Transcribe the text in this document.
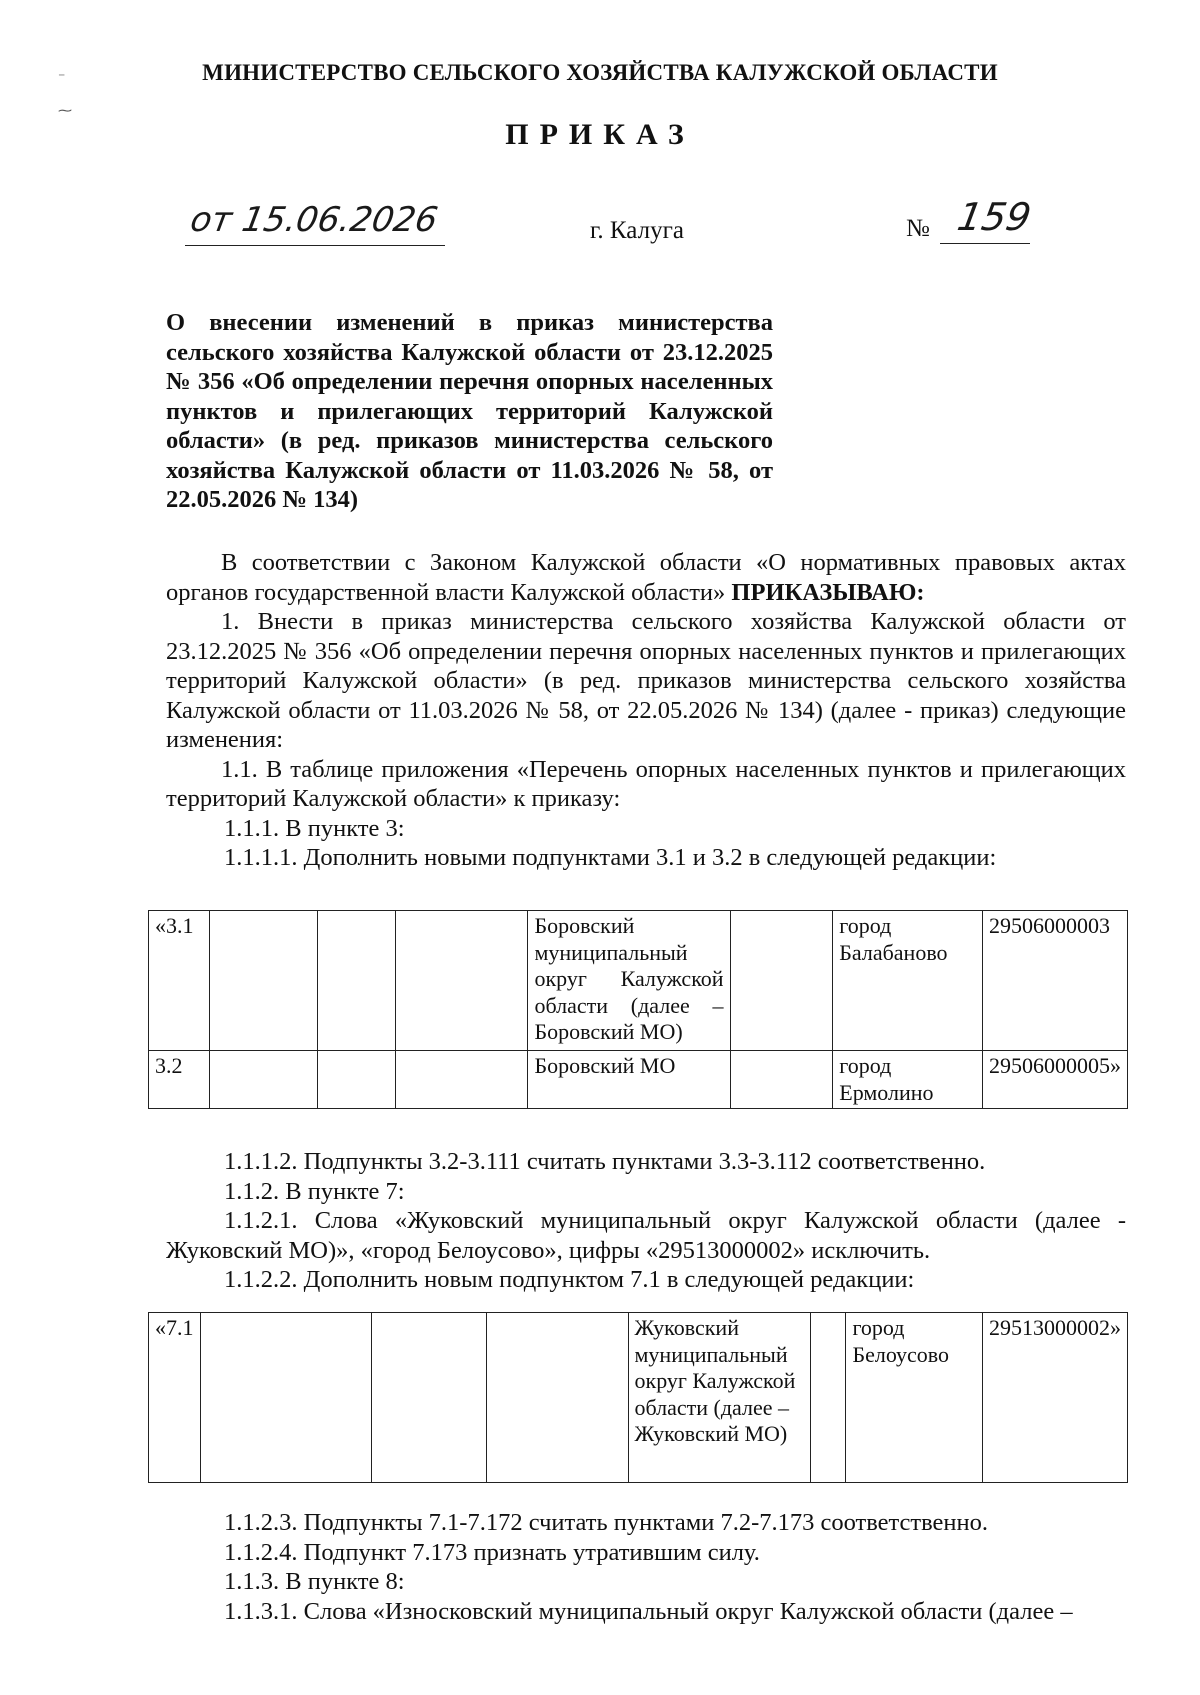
⁻

⁓
МИНИСТЕРСТВО СЕЛЬСКОГО ХОЗЯЙСТВА КАЛУЖСКОЙ ОБЛАСТИ
ПРИКАЗ
от 15.06.2026	г. Калуга	№ 159
О внесении изменений в приказ министерства сельского хозяйства Калужской области от 23.12.2025 № 356 «Об определении перечня опорных населенных пунктов и прилегающих территорий Калужской области» (в ред. приказов министерства сельского хозяйства Калужской области от 11.03.2026 № 58, от 22.05.2026 № 134)

В соответствии с Законом Калужской области «О нормативных правовых актах органов государственной власти Калужской области» ПРИКАЗЫВАЮ:

1. Внести в приказ министерства сельского хозяйства Калужской области от 23.12.2025 № 356 «Об определении перечня опорных населенных пунктов и прилегающих территорий Калужской области» (в ред. приказов министерства сельского хозяйства Калужской области от 11.03.2026 № 58, от 22.05.2026 № 134) (далее - приказ) следующие изменения:

1.1. В таблице приложения «Перечень опорных населенных пунктов и прилегающих территорий Калужской области» к приказу:

1.1.1. В пункте 3:

1.1.1.1. Дополнить новыми подпунктами 3.1 и 3.2 в следующей редакции:

«3.1				Боровский муниципальный округ Калужской области (далее – Боровский МО)		город Балабаново	29506000003
3.2				Боровский МО		город Ермолино	29506000005»

1.1.1.2. Подпункты 3.2-3.111 считать пунктами 3.3-3.112 соответственно.

1.1.2. В пункте 7:

1.1.2.1. Слова «Жуковский муниципальный округ Калужской области (далее - Жуковский МО)», «город Белоусово», цифры «29513000002» исключить.

1.1.2.2. Дополнить новым подпунктом 7.1 в следующей редакции:

«7.1				Жуковский муниципальный округ Калужской области (далее – Жуковский МО)		город Белоусово	29513000002»

1.1.2.3. Подпункты 7.1-7.172 считать пунктами 7.2-7.173 соответственно.

1.1.2.4. Подпункт 7.173 признать утратившим силу.

1.1.3. В пункте 8:

1.1.3.1. Слова «Износковский муниципальный округ Калужской области (далее –
